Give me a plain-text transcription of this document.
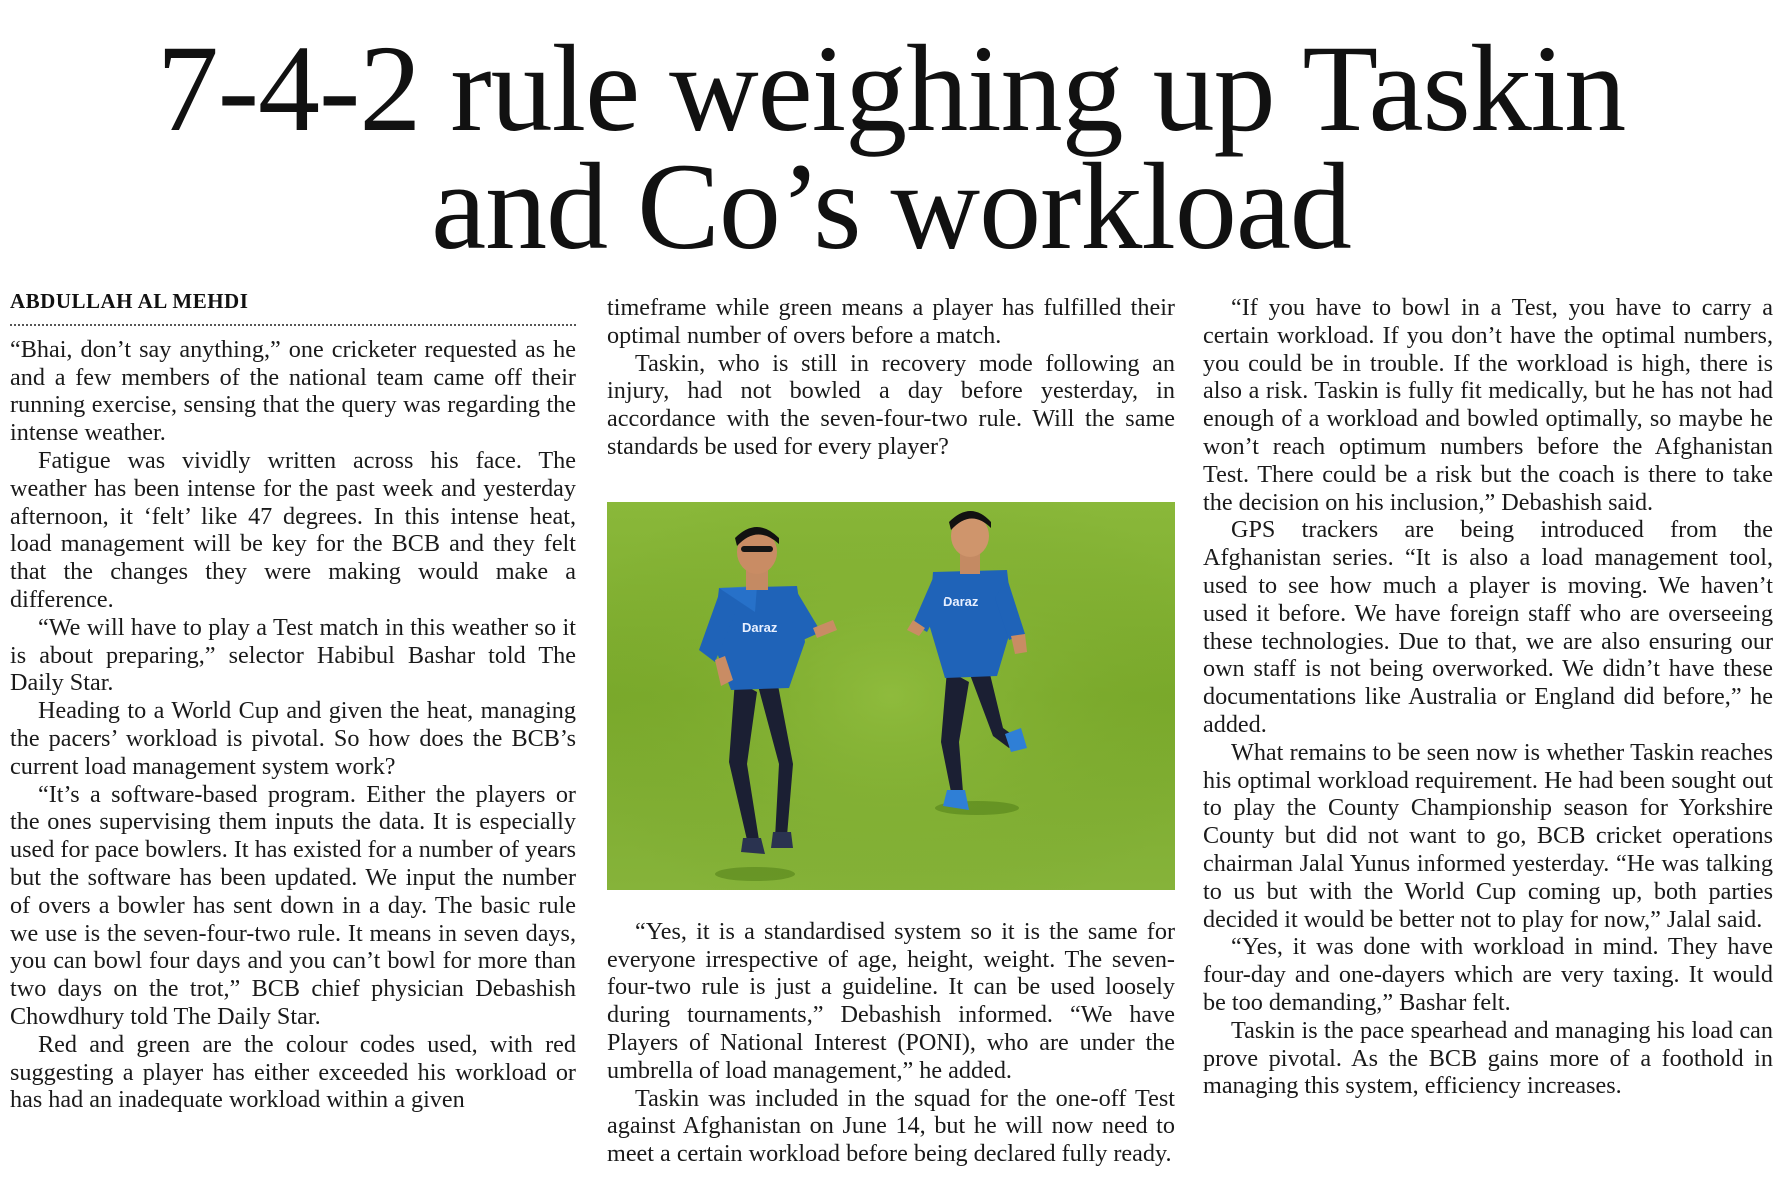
7-4-2 rule weighing up Taskin
and Co’s workload
ABDULLAH AL MEHDI

“Bhai, don’t say anything,” one cricketer requested as he and a few members of the national team came off their running exercise, sensing that the query was regarding the intense weather.

Fatigue was vividly written across his face. The weather has been intense for the past week and yesterday afternoon, it ‘felt’ like 47 degrees. In this intense heat, load management will be key for the BCB and they felt that the changes they were making would make a difference.

“We will have to play a Test match in this weather so it is about preparing,” selector Habibul Bashar told The Daily Star.

Heading to a World Cup and given the heat, managing the pacers’ workload is pivotal. So how does the BCB’s current load management system work?

“It’s a software-based program. Either the players or the ones supervising them inputs the data. It is especially used for pace bowlers. It has existed for a number of years but the software has been updated. We input the number of overs a bowler has sent down in a day. The basic rule we use is the seven-four-two rule. It means in seven days, you can bowl four days and you can’t bowl for more than two days on the trot,” BCB chief physician Debashish Chowdhury told The Daily Star.

Red and green are the colour codes used, with red suggesting a player has either exceeded his workload or has had an inadequate workload within a given

timeframe while green means a player has fulfilled their optimal number of overs before a match.

Taskin, who is still in recovery mode following an injury, had not bowled a day before yesterday, in accordance with the seven-four-two rule. Will the same standards be used for every player?

Daraz
Daraz

“Yes, it is a standardised system so it is the same for everyone irrespective of age, height, weight. The seven-four-two rule is just a guideline. It can be used loosely during tournaments,” Debashish informed. “We have Players of National Interest (PONI), who are under the umbrella of load management,” he added.

Taskin was included in the squad for the one-off Test against Afghanistan on June 14, but he will now need to meet a certain workload before being declared fully ready.

“If you have to bowl in a Test, you have to carry a certain workload. If you don’t have the optimal numbers, you could be in trouble. If the workload is high, there is also a risk. Taskin is fully fit medically, but he has not had enough of a workload and bowled optimally, so maybe he won’t reach optimum numbers before the Afghanistan Test. There could be a risk but the coach is there to take the decision on his inclusion,” Debashish said.

GPS trackers are being introduced from the Afghanistan series. “It is also a load management tool, used to see how much a player is moving. We haven’t used it before. We have foreign staff who are overseeing these technologies. Due to that, we are also ensuring our own staff is not being overworked. We didn’t have these documentations like Australia or England did before,” he added.

What remains to be seen now is whether Taskin reaches his optimal workload requirement. He had been sought out to play the County Championship season for Yorkshire County but did not want to go, BCB cricket operations chairman Jalal Yunus informed yesterday. “He was talking to us but with the World Cup coming up, both parties decided it would be better not to play for now,” Jalal said.

“Yes, it was done with workload in mind. They have four-day and one-dayers which are very taxing. It would be too demanding,” Bashar felt.

Taskin is the pace spearhead and managing his load can prove pivotal. As the BCB gains more of a foothold in managing this system, efficiency increases.
